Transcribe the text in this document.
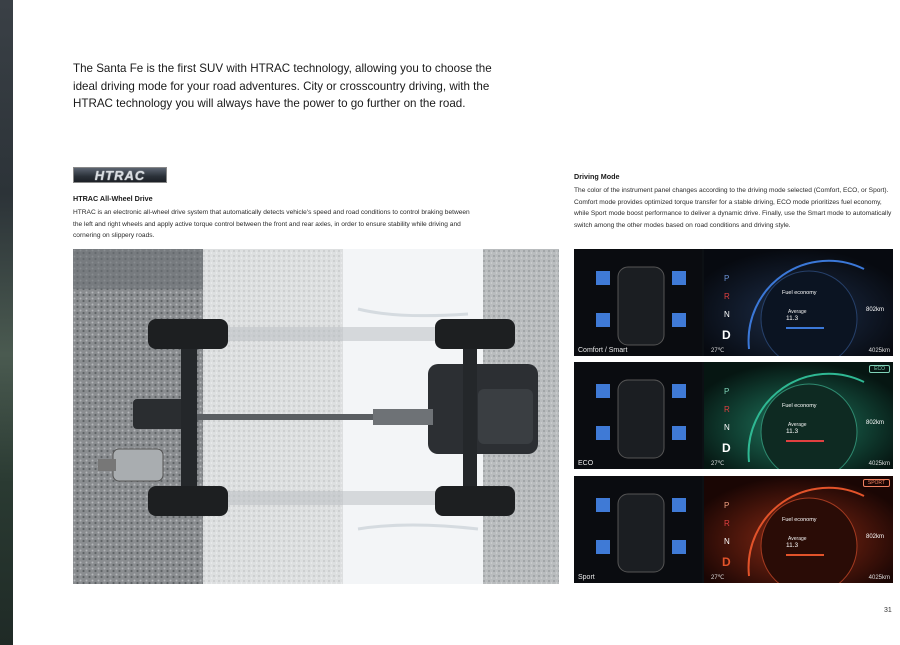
The Santa Fe is the first SUV with HTRAC technology, allowing you to choose the ideal driving mode for your road adventures. City or crosscountry driving, with the HTRAC technology you will always have the power to go further on the road.

HTRAC

HTRAC All-Wheel Drive

HTRAC is an electronic all-wheel drive system that automatically detects vehicle's speed and road conditions to control braking between the left and right wheels and apply active torque control between the front and rear axles, in order to ensure stability while driving and cornering on slippery roads.

Driving Mode

The color of the instrument panel changes according to the driving mode selected (Comfort, ECO, or Sport). Comfort mode provides optimized torque transfer for a stable driving, ECO mode prioritizes fuel economy, while Sport mode boost performance to deliver a dynamic drive. Finally, use the Smart mode to automatically switch among the other modes based on road conditions and driving style.

P
R
N
D
Fuel economy
Average
11.3
802km
Comfort / Smart	27℃	4025km
P
R
N
D
ECO
Fuel economy
Average
11.3
802km
ECO	27℃	4025km
P
R
N
D
SPORT
Fuel economy
Average
11.3
802km
Sport	27℃	4025km
31
